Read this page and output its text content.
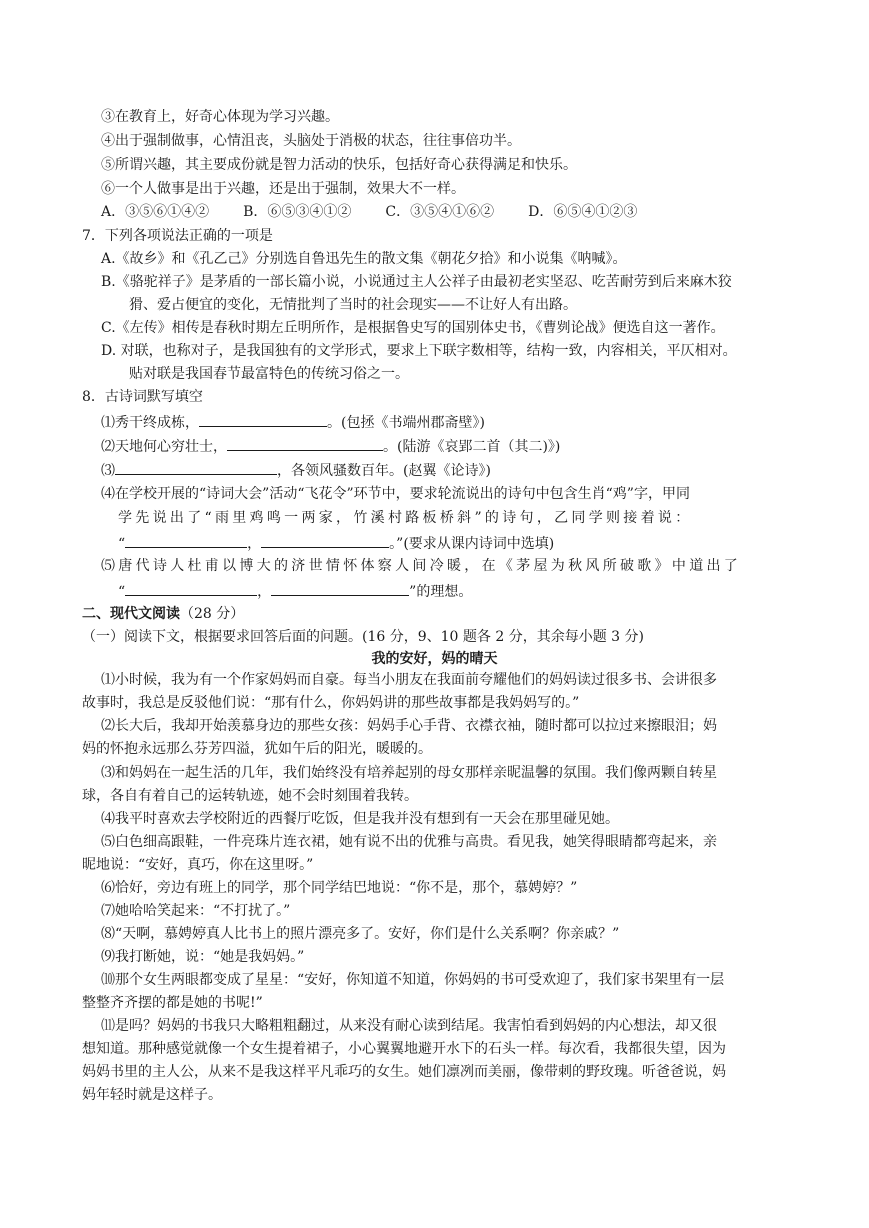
③在教育上，好奇心体现为学习兴趣。
④出于强制做事，心情沮丧，头脑处于消极的状态，往往事倍功半。
⑤所谓兴趣，其主要成份就是智力活动的快乐，包括好奇心获得满足和快乐。
⑥一个人做事是出于兴趣，还是出于强制，效果大不一样。
A．③⑤⑥①④② B．⑥⑤③④①② C．③⑤④①⑥② D．⑥⑤④①②③
7．下列各项说法正确的一项是
A.《故乡》和《孔乙己》分别选自鲁迅先生的散文集《朝花夕拾》和小说集《呐喊》。
B.《骆驼祥子》是茅盾的一部长篇小说，小说通过主人公祥子由最初老实坚忍、吃苦耐劳到后来麻木狡
猾、爱占便宜的变化，无情批判了当时的社会现实——不让好人有出路。
C.《左传》相传是春秋时期左丘明所作，是根据鲁史写的国别体史书，《曹刿论战》便选自这一著作。
D. 对联，也称对子，是我国独有的文学形式，要求上下联字数相等，结构一致，内容相关，平仄相对。
贴对联是我国春节最富特色的传统习俗之一。
8．古诗词默写填空
⑴秀干终成栋，	。(包拯《书端州郡斋壁》)
⑵天地何心穷壮士，	。(陆游《哀郢二首（其二)》)
⑶	，各领风骚数百年。(赵翼《论诗》)
⑷在学校开展的“诗词大会”活动“飞花令”环节中，要求轮流说出的诗句中包含生肖“鸡”字，甲同
学先说出了“雨里鸡鸣一两家，竹溪村路板桥斜”的诗句，乙同学则接着说：
“	，	。”(要求从课内诗词中选填)
⑸唐代诗人杜甫以博大的济世情怀体察人间冷暖，在《茅屋为秋风所破歌》中道出了
“	，	”的理想。
二、现代文阅读（28 分）
（一）阅读下文，根据要求回答后面的问题。(16 分，9、10 题各 2 分，其余每小题 3 分)
我的安好，妈的晴天
⑴小时候，我为有一个作家妈妈而自豪。每当小朋友在我面前夸耀他们的妈妈读过很多书、会讲很多
故事时，我总是反驳他们说：“那有什么，你妈妈讲的那些故事都是我妈妈写的。”
⑵长大后，我却开始羡慕身边的那些女孩：妈妈手心手背、衣襟衣袖，随时都可以拉过来擦眼泪；妈
妈的怀抱永远那么芬芳四溢，犹如午后的阳光，暖暖的。
⑶和妈妈在一起生活的几年，我们始终没有培养起别的母女那样亲昵温馨的氛围。我们像两颗自转星
球，各自有着自己的运转轨迹，她不会时刻围着我转。
⑷我平时喜欢去学校附近的西餐厅吃饭，但是我并没有想到有一天会在那里碰见她。
⑸白色细高跟鞋，一件亮珠片连衣裙，她有说不出的优雅与高贵。看见我，她笑得眼睛都弯起来，亲
昵地说：“安好，真巧，你在这里呀。”
⑹恰好，旁边有班上的同学，那个同学结巴地说：“你不是，那个，慕娉婷？”
⑺她哈哈笑起来：“不打扰了。”
⑻“天啊，慕娉婷真人比书上的照片漂亮多了。安好，你们是什么关系啊？你亲戚？”
⑼我打断她，说：“她是我妈妈。”
⑽那个女生两眼都变成了星星：“安好，你知道不知道，你妈妈的书可受欢迎了，我们家书架里有一层
整整齐齐摆的都是她的书呢!”
⑾是吗？妈妈的书我只大略粗粗翻过，从来没有耐心读到结尾。我害怕看到妈妈的内心想法，却又很
想知道。那种感觉就像一个女生提着裙子，小心翼翼地避开水下的石头一样。每次看，我都很失望，因为
妈妈书里的主人公，从来不是我这样平凡乖巧的女生。她们凛冽而美丽，像带刺的野玫瑰。听爸爸说，妈
妈年轻时就是这样子。
